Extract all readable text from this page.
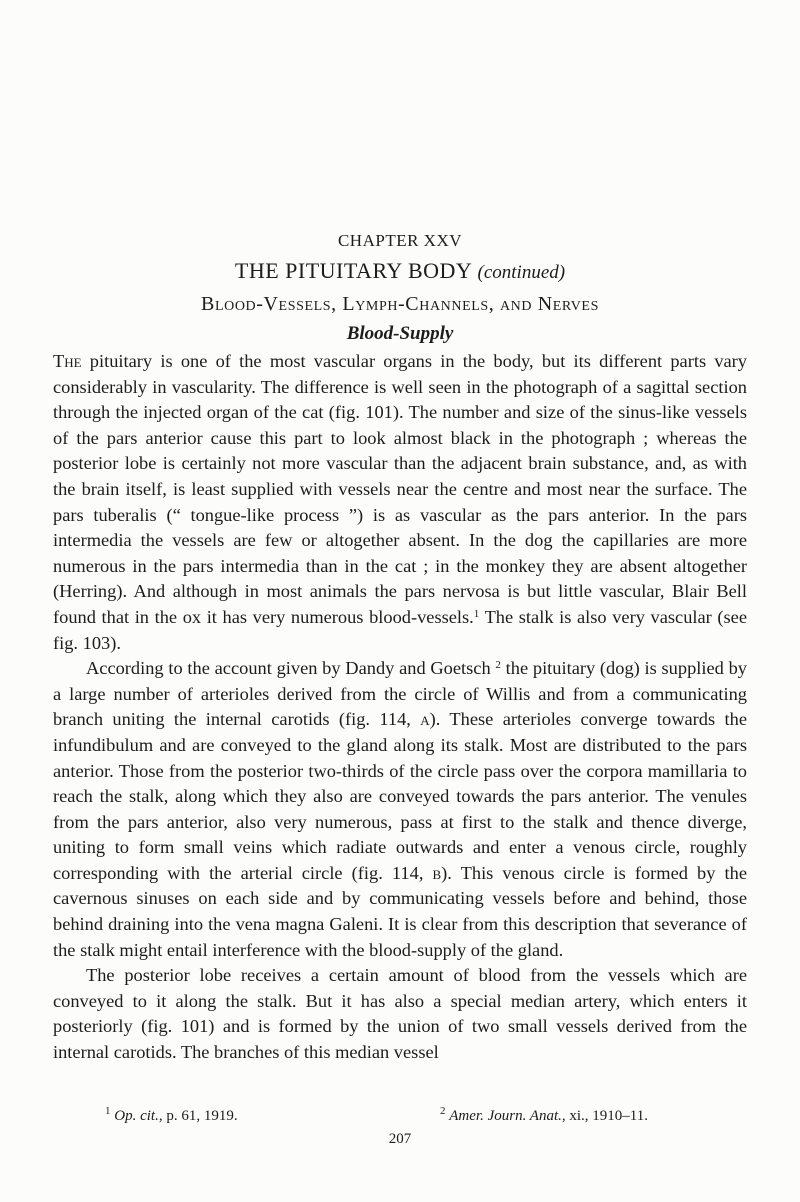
CHAPTER XXV
THE PITUITARY BODY (continued)
Blood-Vessels, Lymph-Channels, and Nerves
Blood-Supply

The pituitary is one of the most vascular organs in the body, but its different parts vary considerably in vascularity. The difference is well seen in the photograph of a sagittal section through the injected organ of the cat (fig. 101). The number and size of the sinus-like vessels of the pars anterior cause this part to look almost black in the photograph ; whereas the posterior lobe is certainly not more vascular than the adjacent brain substance, and, as with the brain itself, is least supplied with vessels near the centre and most near the surface. The pars tuberalis (“ tongue-like process ”) is as vascular as the pars anterior. In the pars intermedia the vessels are few or altogether absent. In the dog the capillaries are more numerous in the pars intermedia than in the cat ; in the monkey they are absent altogether (Herring). And although in most animals the pars nervosa is but little vascular, Blair Bell found that in the ox it has very numerous blood-vessels.$^1$ The stalk is also very vascular (see fig. 103).

According to the account given by Dandy and Goetsch $^2$ the pituitary (dog) is supplied by a large number of arterioles derived from the circle of Willis and from a communicating branch uniting the internal carotids (fig. 114, a). These arterioles converge towards the infundibulum and are conveyed to the gland along its stalk. Most are distributed to the pars anterior. Those from the posterior two-thirds of the circle pass over the corpora mamillaria to reach the stalk, along which they also are conveyed towards the pars anterior. The venules from the pars anterior, also very numerous, pass at first to the stalk and thence diverge, uniting to form small veins which radiate outwards and enter a venous circle, roughly corresponding with the arterial circle (fig. 114, b). This venous circle is formed by the cavernous sinuses on each side and by communicating vessels before and behind, those behind draining into the vena magna Galeni. It is clear from this description that severance of the stalk might entail interference with the blood-supply of the gland.

The posterior lobe receives a certain amount of blood from the vessels which are conveyed to it along the stalk. But it has also a special median artery, which enters it posteriorly (fig. 101) and is formed by the union of two small vessels derived from the internal carotids. The branches of this median vessel

$^1$ Op. cit., p. 61, 1919.	$^2$ Amer. Journ. Anat., xi., 1910–11.
207
